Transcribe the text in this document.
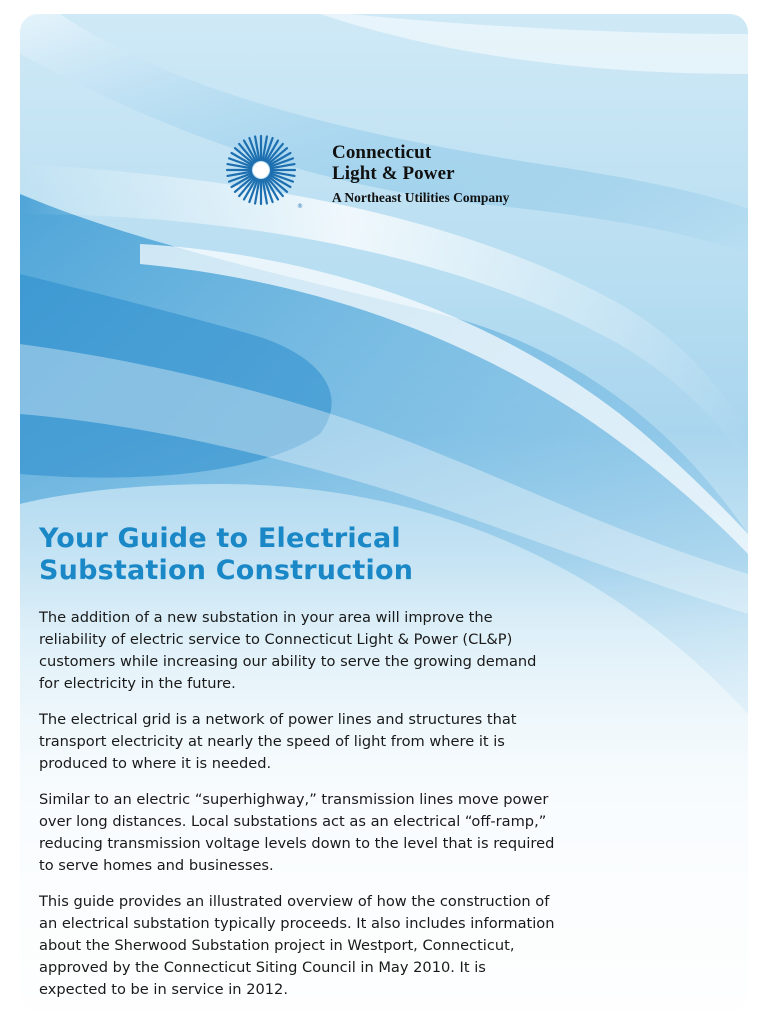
®
Connecticut
Light & Power
A Northeast Utilities Company
Your Guide to Electrical
Substation Construction

The addition of a new substation in your area will improve the
reliability of electric service to Connecticut Light & Power (CL&P)
customers while increasing our ability to serve the growing demand
for electricity in the future.

The electrical grid is a network of power lines and structures that
transport electricity at nearly the speed of light from where it is
produced to where it is needed.

Similar to an electric “superhighway,” transmission lines move power
over long distances. Local substations act as an electrical “off-ramp,”
reducing transmission voltage levels down to the level that is required
to serve homes and businesses.

This guide provides an illustrated overview of how the construction of
an electrical substation typically proceeds. It also includes information
about the Sherwood Substation project in Westport, Connecticut,
approved by the Connecticut Siting Council in May 2010. It is
expected to be in service in 2012.
